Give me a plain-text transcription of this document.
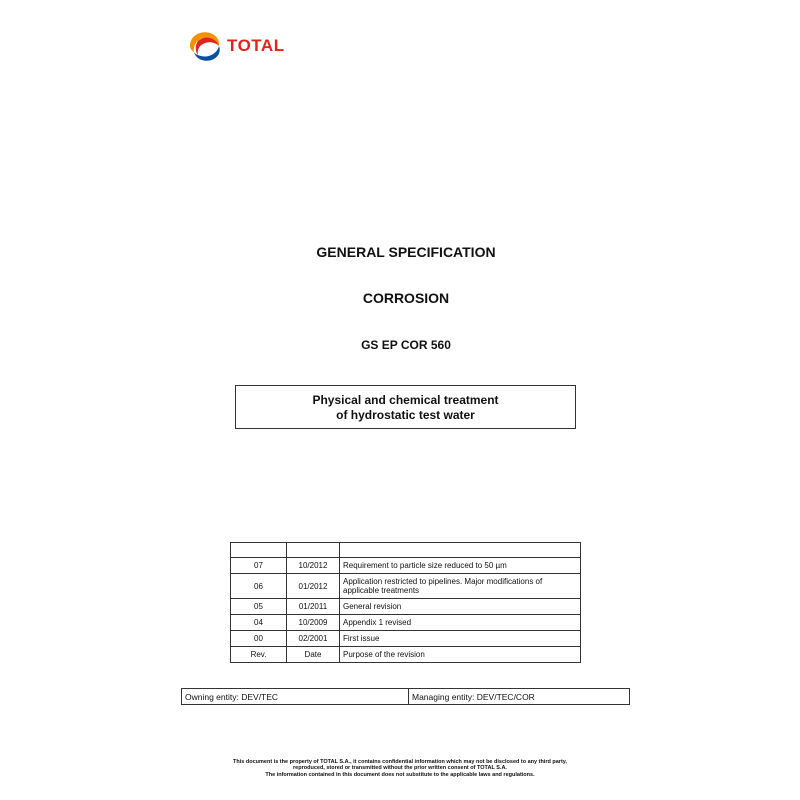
TOTAL
GENERAL SPECIFICATION
CORROSION
GS EP COR 560
Physical and chemical treatment
of hydrostatic test water

07	10/2012	Requirement to particle size reduced to 50 µm
06	01/2012	Application restricted to pipelines. Major modifications of applicable treatments
05	01/2011	General revision
04	10/2009	Appendix 1 revised
00	02/2001	First issue
Rev.	Date	Purpose of the revision
Owning entity: DEV/TEC	Managing entity: DEV/TEC/COR
This document is the property of TOTAL S.A., it contains confidential information which may not be disclosed to any third party,
reproduced, stored or transmitted without the prior written consent of TOTAL S.A.
The information contained in this document does not substitute to the applicable laws and regulations.
